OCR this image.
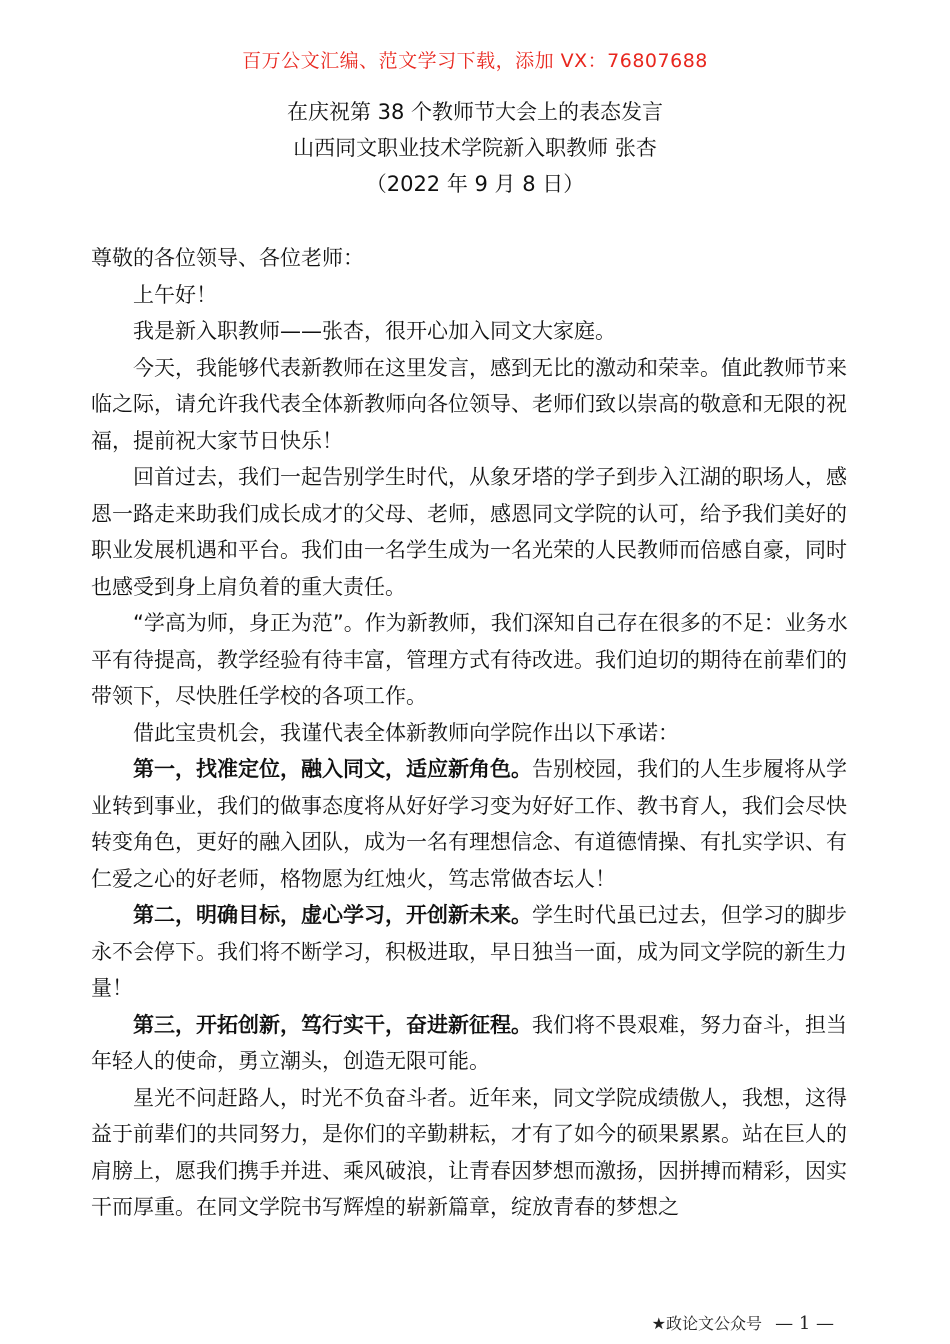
百万公文汇编、范文学习下载，添加 VX：76807688
在庆祝第 38 个教师节大会上的表态发言
山西同文职业技术学院新入职教师 张杏
（2022 年 9 月 8 日）

尊敬的各位领导、各位老师：

上午好！

我是新入职教师——张杏，很开心加入同文大家庭。

今天，我能够代表新教师在这里发言，感到无比的激动和荣幸。值此教师节来临之际，请允许我代表全体新教师向各位领导、老师们致以崇高的敬意和无限的祝福，提前祝大家节日快乐！

回首过去，我们一起告别学生时代，从象牙塔的学子到步入江湖的职场人，感恩一路走来助我们成长成才的父母、老师，感恩同文学院的认可，给予我们美好的职业发展机遇和平台。我们由一名学生成为一名光荣的人民教师而倍感自豪，同时也感受到身上肩负着的重大责任。

“学高为师，身正为范”。作为新教师，我们深知自己存在很多的不足：业务水平有待提高，教学经验有待丰富，管理方式有待改进。我们迫切的期待在前辈们的带领下，尽快胜任学校的各项工作。

借此宝贵机会，我谨代表全体新教师向学院作出以下承诺：

第一，找准定位，融入同文，适应新角色。告别校园，我们的人生步履将从学业转到事业，我们的做事态度将从好好学习变为好好工作、教书育人，我们会尽快转变角色，更好的融入团队，成为一名有理想信念、有道德情操、有扎实学识、有仁爱之心的好老师，格物愿为红烛火，笃志常做杏坛人！

第二，明确目标，虚心学习，开创新未来。学生时代虽已过去，但学习的脚步永不会停下。我们将不断学习，积极进取，早日独当一面，成为同文学院的新生力量！

第三，开拓创新，笃行实干，奋进新征程。我们将不畏艰难，努力奋斗，担当年轻人的使命，勇立潮头，创造无限可能。

星光不问赶路人，时光不负奋斗者。近年来，同文学院成绩傲人，我想，这得益于前辈们的共同努力，是你们的辛勤耕耘，才有了如今的硕果累累。站在巨人的肩膀上，愿我们携手并进、乘风破浪，让青春因梦想而激扬，因拼搏而精彩，因实干而厚重。在同文学院书写辉煌的崭新篇章，绽放青春的梦想之

★政论文公众号 — 1 —
